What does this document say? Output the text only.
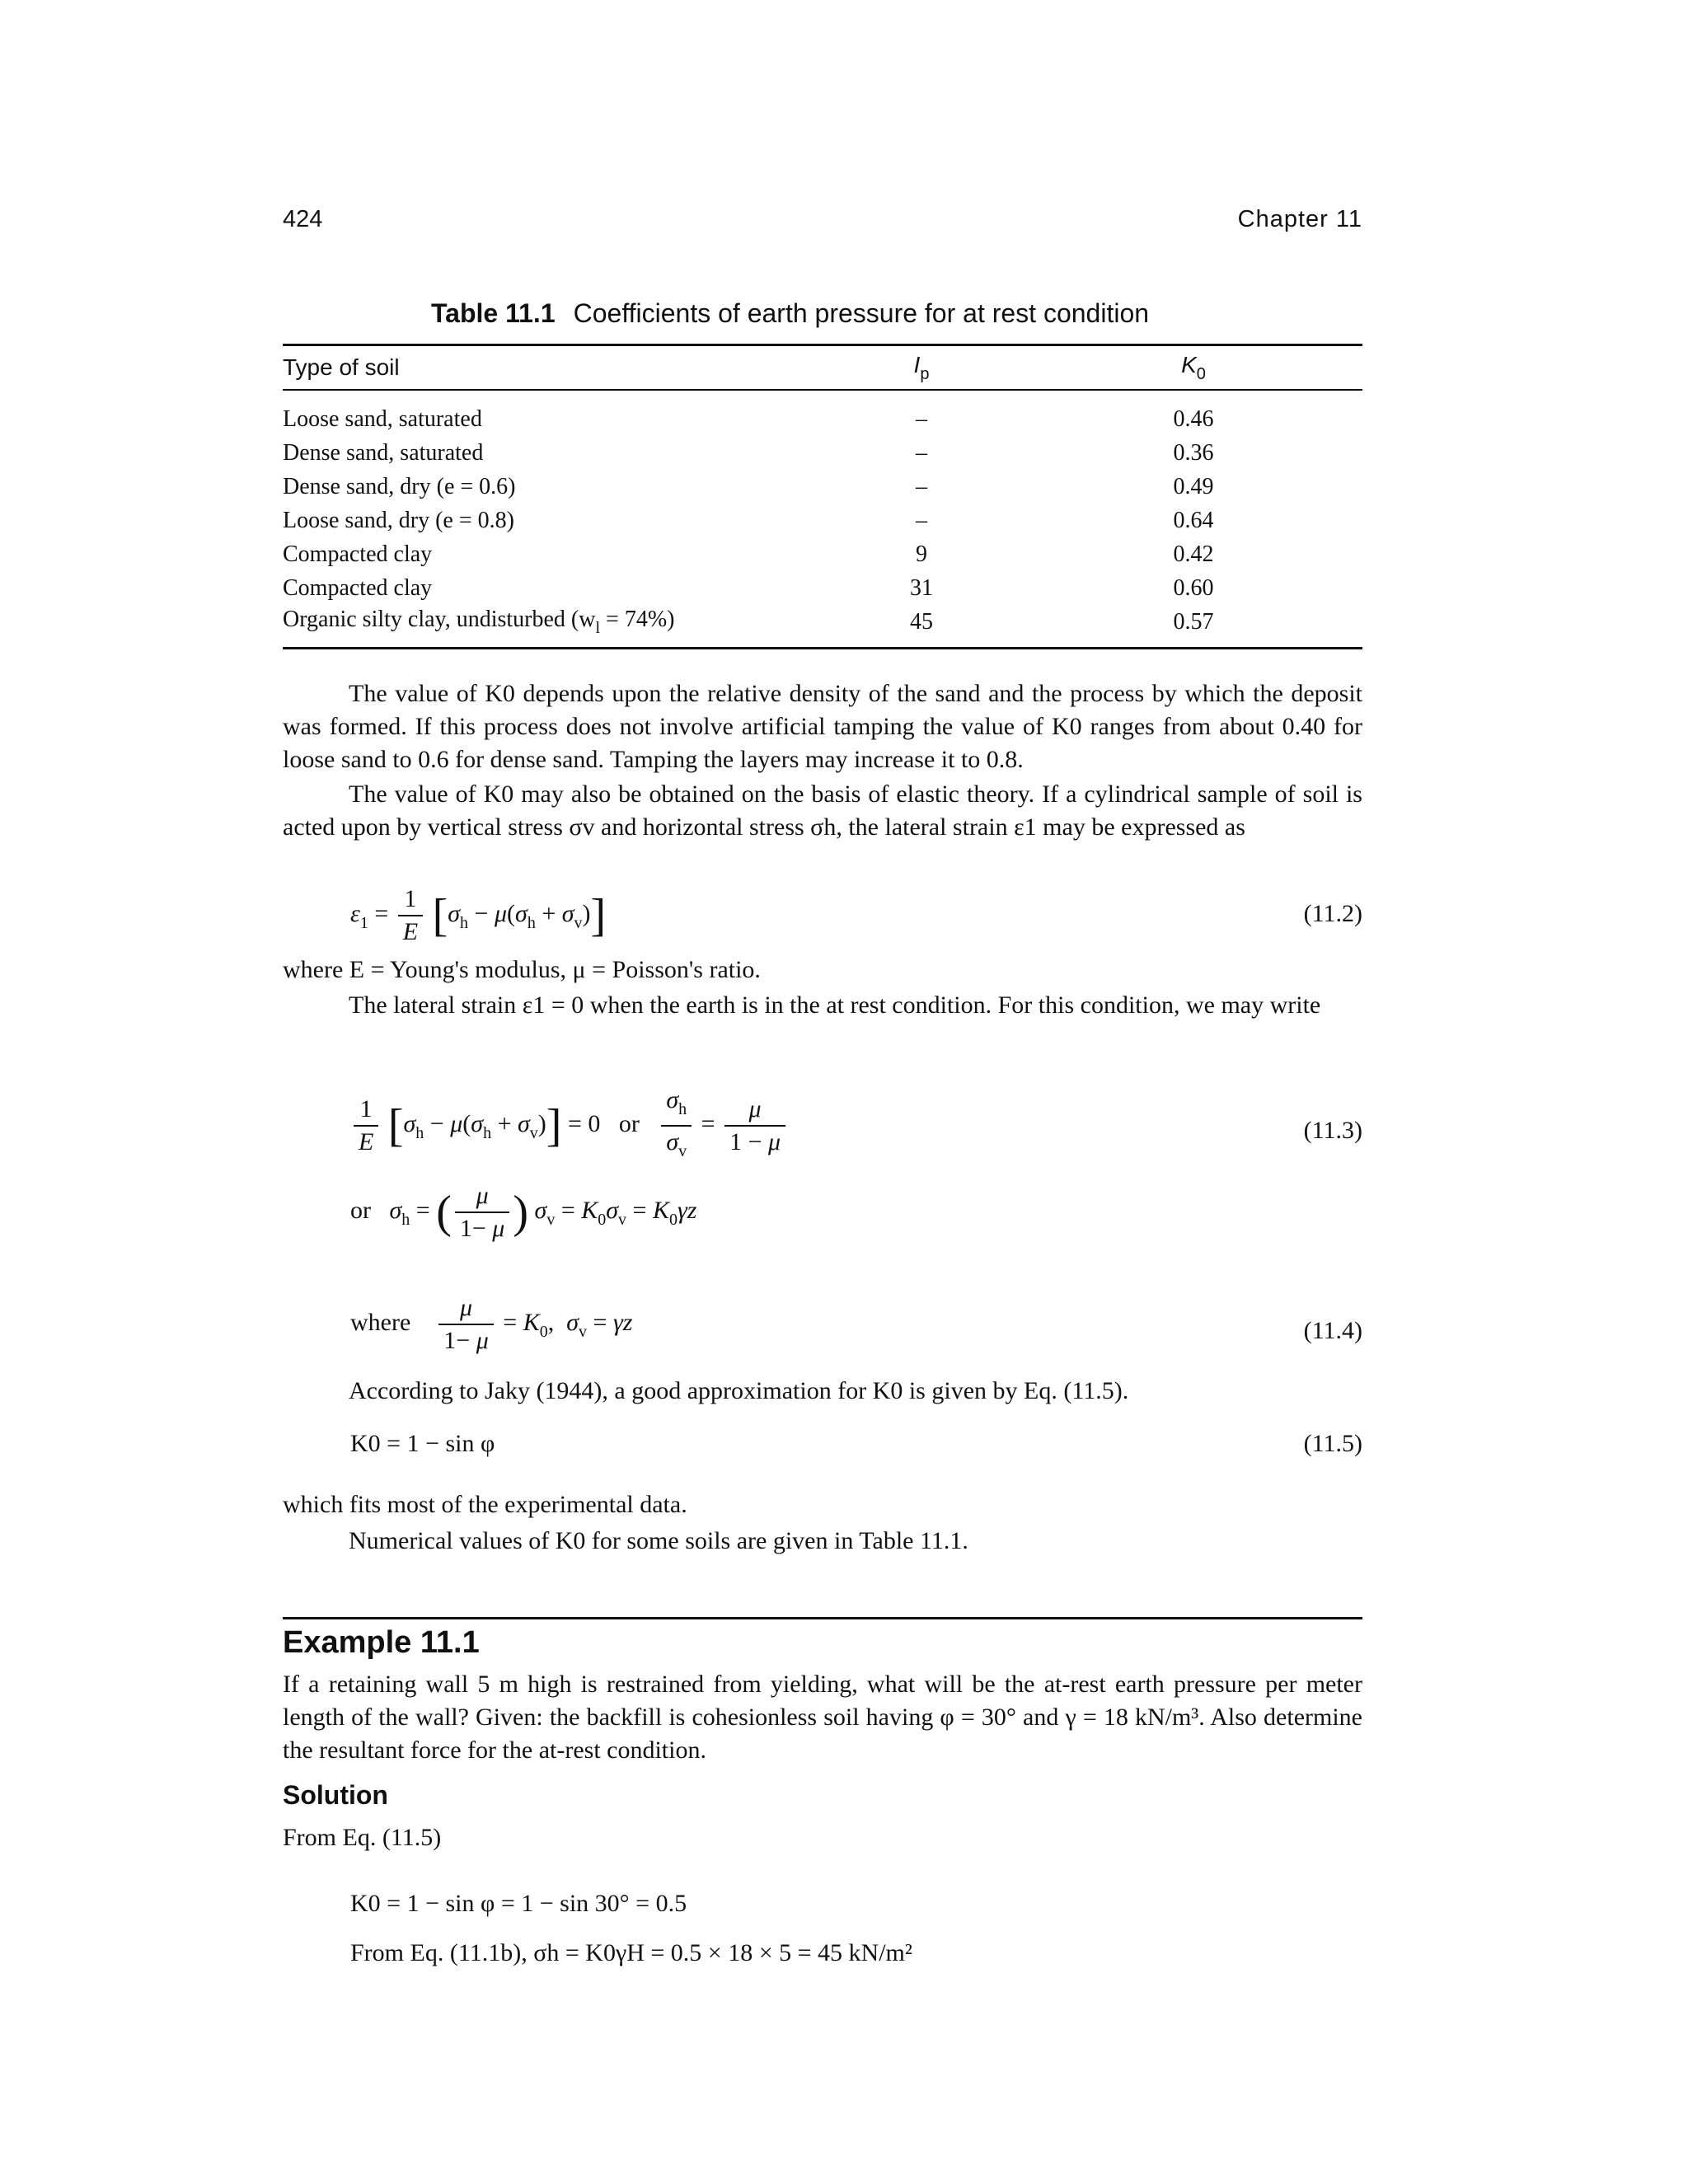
424	Chapter 11
Table 11.1 Coefficients of earth pressure for at rest condition
Type of soil	$I_p$	$K_0$
Loose sand, saturated	–	0.46
Dense sand, saturated	–	0.36
Dense sand, dry (e = 0.6)	–	0.49
Loose sand, dry (e = 0.8)	–	0.64
Compacted clay	9	0.42
Compacted clay	31	0.60
Organic silty clay, undisturbed $(w_l = 74\%)$	45	0.57
The value of K0 depends upon the relative density of the sand and the process by which the deposit was formed. If this process does not involve artificial tamping the value of K0 ranges from about 0.40 for loose sand to 0.6 for dense sand. Tamping the layers may increase it to 0.8.
The value of K0 may also be obtained on the basis of elastic theory. If a cylindrical sample of soil is acted upon by vertical stress σv and horizontal stress σh, the lateral strain ε1 may be expressed as
$\varepsilon_1 = \frac{1}{E} [\sigma_h - \mu(\sigma_h + \sigma_v)]$	(11.2)
where E = Young's modulus, μ = Poisson's ratio.
The lateral strain ε1 = 0 when the earth is in the at rest condition. For this condition, we may write
$\frac{1}{E} [\sigma_h - \mu(\sigma_h + \sigma_v)] = 0$   or $\frac{\sigma_h}{\sigma_v} = \frac{\mu}{1 - \mu}$	(11.3)
or $\sigma_h$ = ( $\frac{\mu}{1- \mu}$ ) $\sigma_v = K_0\sigma_v = K_0\gamma z$
where $\frac{\mu}{1- \mu} = K_0$,  $\sigma_v = \gamma z$	(11.4)
According to Jaky (1944), a good approximation for K0 is given by Eq. (11.5).
K0 = 1 − sin φ	(11.5)
which fits most of the experimental data.
Numerical values of K0 for some soils are given in Table 11.1.
Example 11.1
If a retaining wall 5 m high is restrained from yielding, what will be the at-rest earth pressure per meter length of the wall? Given: the backfill is cohesionless soil having φ = 30° and γ = 18 kN/m³. Also determine the resultant force for the at-rest condition.
Solution
From Eq. (11.5)
K0 = 1 − sin φ = 1 − sin 30° = 0.5
From Eq. (11.1b), σh = K0γH = 0.5 × 18 × 5 = 45 kN/m²
